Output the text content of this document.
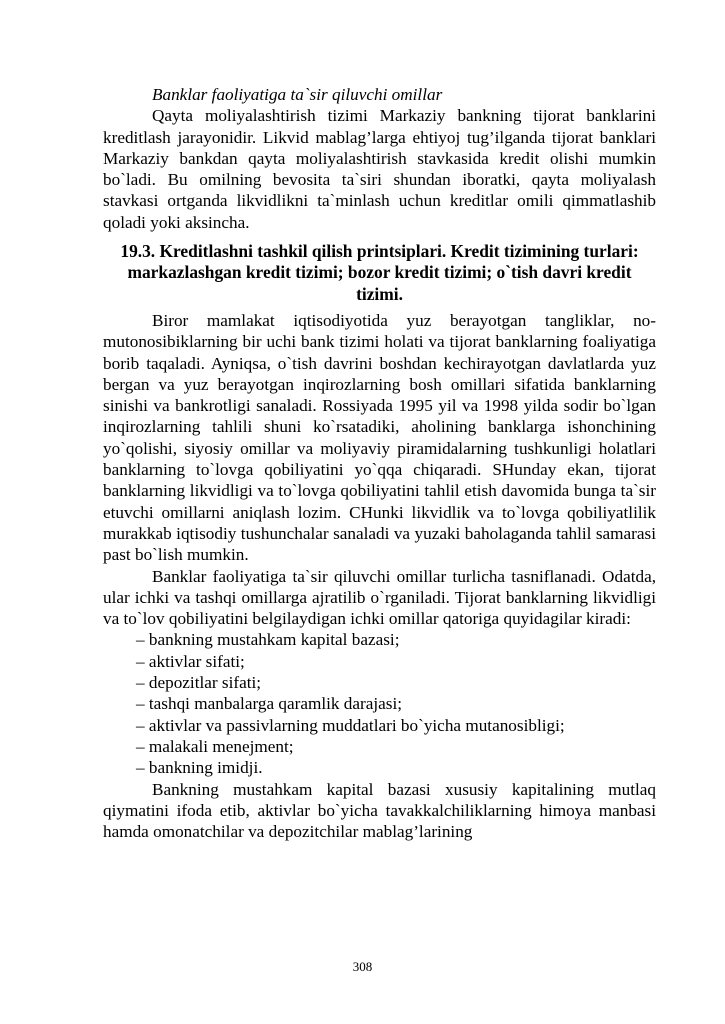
Banklar faoliyatiga ta`sir qiluvchi omillar

Qayta moliyalashtirish tizimi Markaziy bankning tijorat banklarini kreditlash jarayonidir. Likvid mablag’larga ehtiyoj tug’ilganda tijorat banklari Markaziy bankdan qayta moliyalashtirish stavkasida kredit olishi mumkin bo`ladi. Bu omilning bevosita ta`siri shundan iboratki, qayta moliyalash stavkasi ortganda likvidlikni ta`minlash uchun kreditlar omili qimmatlashib qoladi yoki aksincha.

19.3. Kreditlashni tashkil qilish printsiplari. Kredit tizimining turlari: markazlashgan kredit tizimi; bozor kredit tizimi; o`tish davri kredit tizimi.

Biror mamlakat iqtisodiyotida yuz berayotgan tangliklar, no-mutonosibiklarning bir uchi bank tizimi holati va tijorat banklarning foaliyatiga borib taqaladi. Ayniqsa, o`tish davrini boshdan kechirayotgan davlatlarda yuz bergan va yuz berayotgan inqirozlarning bosh omillari sifatida banklarning sinishi va bankrotligi sanaladi. Rossiyada 1995 yil va 1998 yilda sodir bo`lgan inqirozlarning tahlili shuni ko`rsatadiki, aholining banklarga ishonchining yo`qolishi, siyosiy omillar va moliyaviy piramidalarning tushkunligi holatlari banklarning to`lovga qobiliyatini yo`qqa chiqaradi. SHunday ekan, tijorat banklarning likvidligi va to`lovga qobiliyatini tahlil etish davomida bunga ta`sir etuvchi omillarni aniqlash lozim. CHunki likvidlik va to`lovga qobiliyatlilik murakkab iqtisodiy tushunchalar sanaladi va yuzaki baholaganda tahlil samarasi past bo`lish mumkin.

Banklar faoliyatiga ta`sir qiluvchi omillar turlicha tasniflanadi. Odatda, ular ichki va tashqi omillarga ajratilib o`rganiladi. Tijorat banklarning likvidligi va to`lov qobiliyatini belgilaydigan ichki omillar qatoriga quyidagilar kiradi:

– bankning mustahkam kapital bazasi;
– aktivlar sifati;
– depozitlar sifati;
– tashqi manbalarga qaramlik darajasi;
– aktivlar va passivlarning muddatlari bo`yicha mutanosibligi;
– malakali menejment;
– bankning imidji.

Bankning mustahkam kapital bazasi xususiy kapitalining mutlaq qiymatini ifoda etib, aktivlar bo`yicha tavakkalchiliklarning himoya manbasi hamda omonatchilar va depozitchilar mablag’larining

308
